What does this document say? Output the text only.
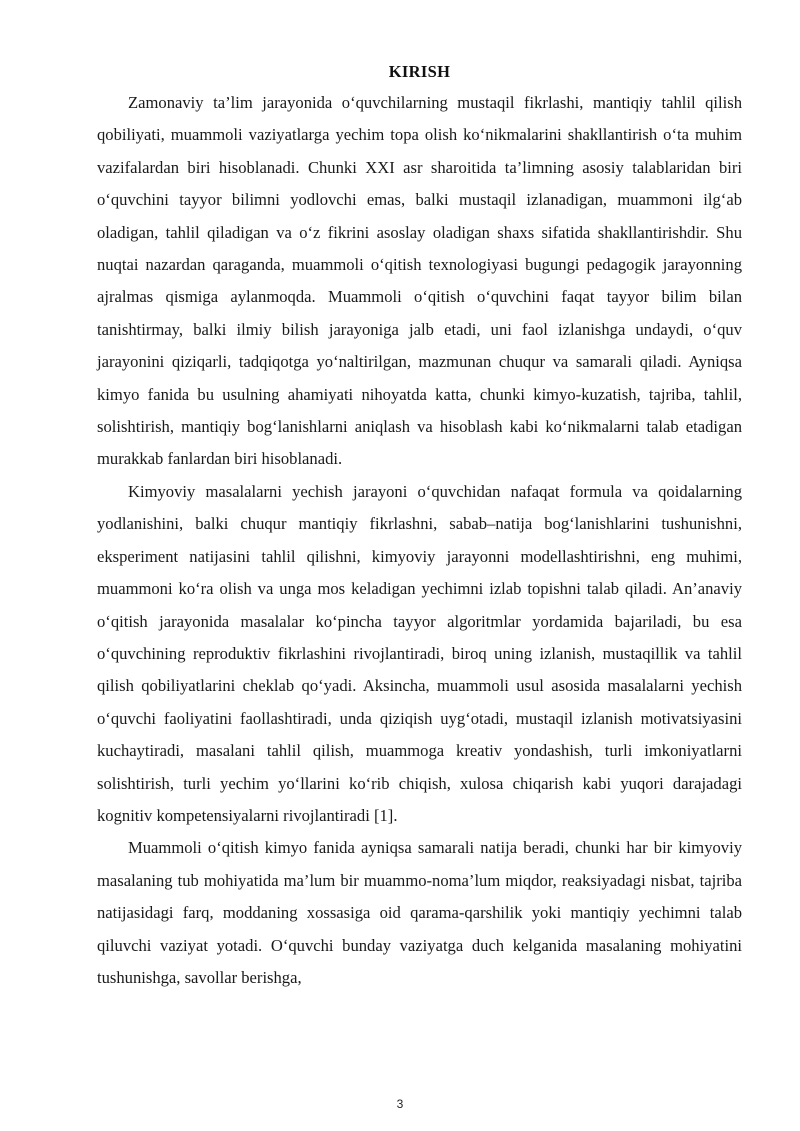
KIRISH

Zamonaviy ta’lim jarayonida o‘quvchilarning mustaqil fikrlashi, mantiqiy tahlil qilish qobiliyati, muammoli vaziyatlarga yechim topa olish ko‘nikmalarini shakllantirish o‘ta muhim vazifalardan biri hisoblanadi. Chunki XXI asr sharoitida ta’limning asosiy talablaridan biri o‘quvchini tayyor bilimni yodlovchi emas, balki mustaqil izlanadigan, muammoni ilg‘ab oladigan, tahlil qiladigan va o‘z fikrini asoslay oladigan shaxs sifatida shakllantirishdir. Shu nuqtai nazardan qaraganda, muammoli o‘qitish texnologiyasi bugungi pedagogik jarayonning ajralmas qismiga aylanmoqda. Muammoli o‘qitish o‘quvchini faqat tayyor bilim bilan tanishtirmay, balki ilmiy bilish jarayoniga jalb etadi, uni faol izlanishga undaydi, o‘quv jarayonini qiziqarli, tadqiqotga yo‘naltirilgan, mazmunan chuqur va samarali qiladi. Ayniqsa kimyo fanida bu usulning ahamiyati nihoyatda katta, chunki kimyo-kuzatish, tajriba, tahlil, solishtirish, mantiqiy bog‘lanishlarni aniqlash va hisoblash kabi ko‘nikmalarni talab etadigan murakkab fanlardan biri hisoblanadi.

Kimyoviy masalalarni yechish jarayoni o‘quvchidan nafaqat formula va qoidalarning yodlanishini, balki chuqur mantiqiy fikrlashni, sabab–natija bog‘lanishlarini tushunishni, eksperiment natijasini tahlil qilishni, kimyoviy jarayonni modellashtirishni, eng muhimi, muammoni ko‘ra olish va unga mos keladigan yechimni izlab topishni talab qiladi. An’anaviy o‘qitish jarayonida masalalar ko‘pincha tayyor algoritmlar yordamida bajariladi, bu esa o‘quvchining reproduktiv fikrlashini rivojlantiradi, biroq uning izlanish, mustaqillik va tahlil qilish qobiliyatlarini cheklab qo‘yadi. Aksincha, muammoli usul asosida masalalarni yechish o‘quvchi faoliyatini faollashtiradi, unda qiziqish uyg‘otadi, mustaqil izlanish motivatsiyasini kuchaytiradi, masalani tahlil qilish, muammoga kreativ yondashish, turli imkoniyatlarni solishtirish, turli yechim yo‘llarini ko‘rib chiqish, xulosa chiqarish kabi yuqori darajadagi kognitiv kompetensiyalarni rivojlantiradi [1].

Muammoli o‘qitish kimyo fanida ayniqsa samarali natija beradi, chunki har bir kimyoviy masalaning tub mohiyatida ma’lum bir muammo-noma’lum miqdor, reaksiyadagi nisbat, tajriba natijasidagi farq, moddaning xossasiga oid qarama-qarshilik yoki mantiqiy yechimni talab qiluvchi vaziyat yotadi. O‘quvchi bunday vaziyatga duch kelganida masalaning mohiyatini tushunishga, savollar berishga,

3
